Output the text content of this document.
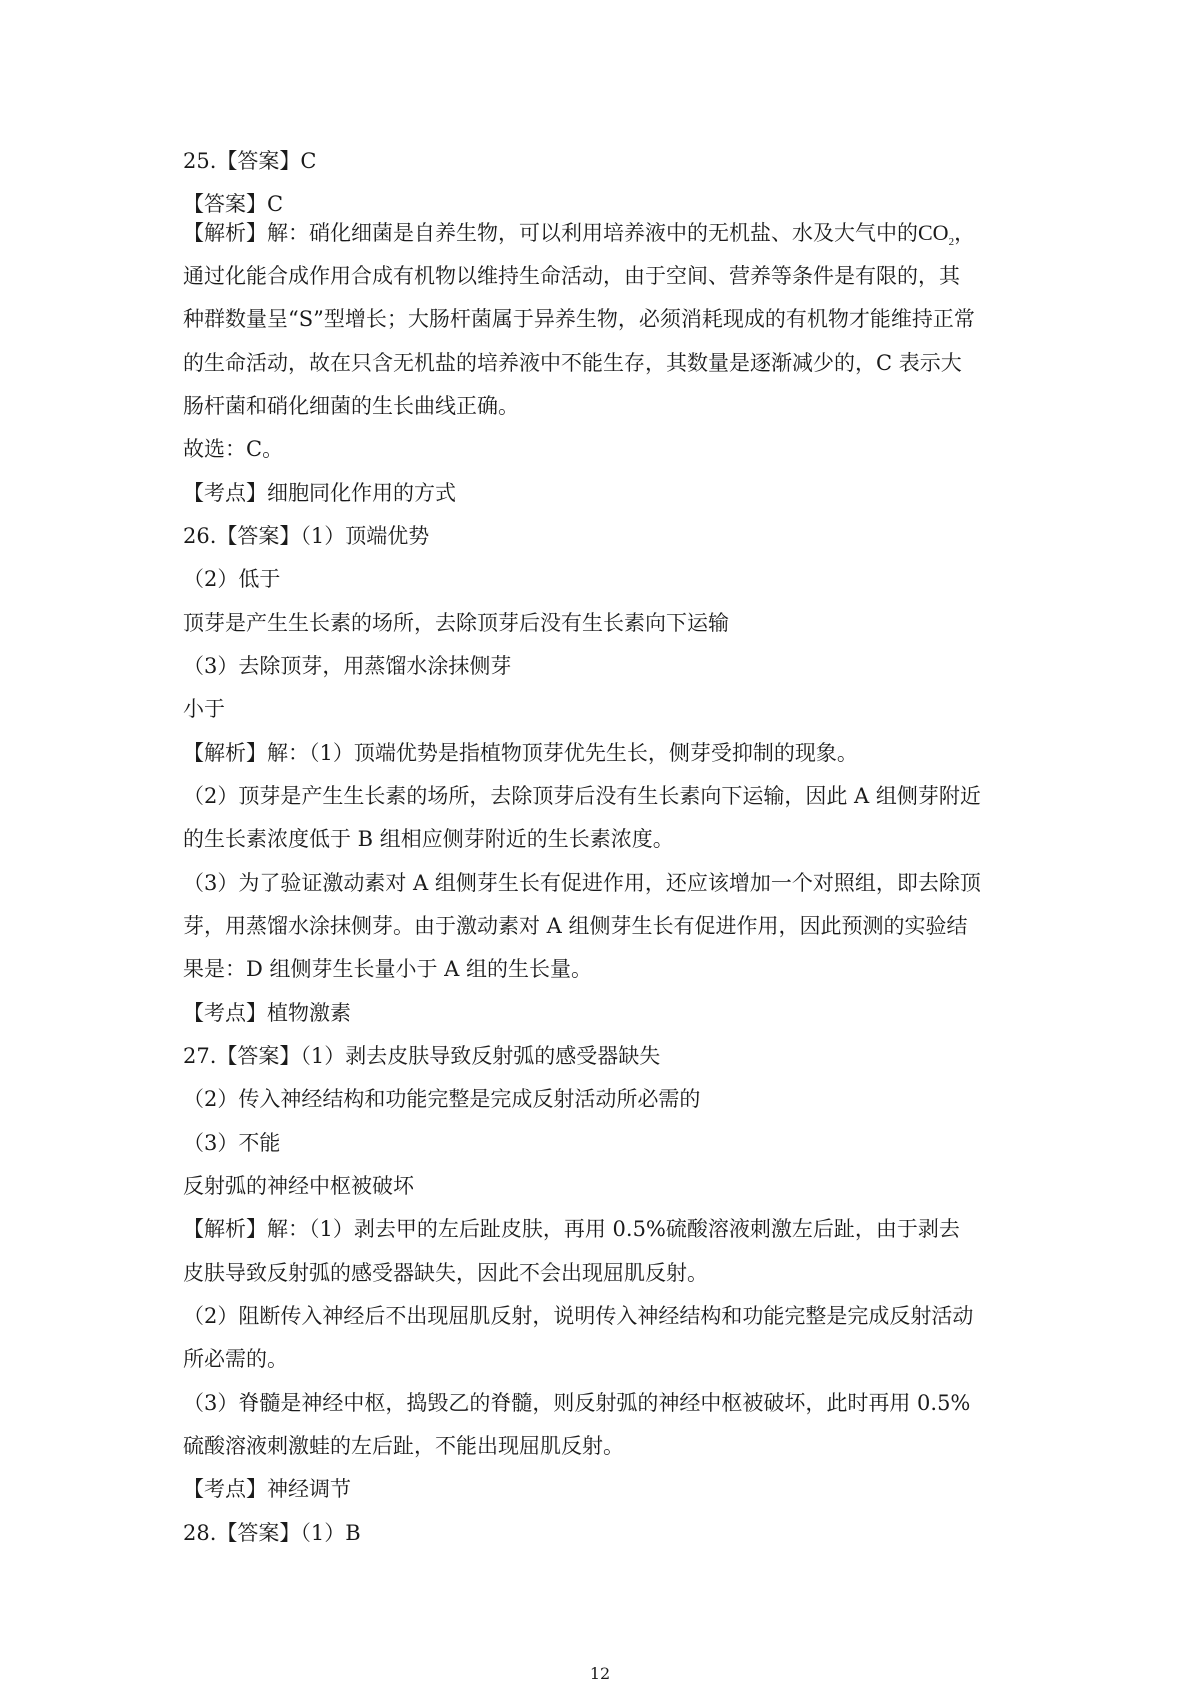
25.【答案】C
【答案】C
【解析】解：硝化细菌是自养生物，可以利用培养液中的无机盐、水及大气中的$CO_2$，
通过化能合成作用合成有机物以维持生命活动，由于空间、营养等条件是有限的，其
种群数量呈“S”型增长；大肠杆菌属于异养生物，必须消耗现成的有机物才能维持正常
的生命活动，故在只含无机盐的培养液中不能生存，其数量是逐渐减少的，C 表示大
肠杆菌和硝化细菌的生长曲线正确。
故选：C。
【考点】细胞同化作用的方式
26.【答案】（1）顶端优势
（2）低于
顶芽是产生生长素的场所，去除顶芽后没有生长素向下运输
（3）去除顶芽，用蒸馏水涂抹侧芽
小于
【解析】解：（1）顶端优势是指植物顶芽优先生长，侧芽受抑制的现象。
（2）顶芽是产生生长素的场所，去除顶芽后没有生长素向下运输，因此 A 组侧芽附近
的生长素浓度低于 B 组相应侧芽附近的生长素浓度。
（3）为了验证激动素对 A 组侧芽生长有促进作用，还应该增加一个对照组，即去除顶
芽，用蒸馏水涂抹侧芽。由于激动素对 A 组侧芽生长有促进作用，因此预测的实验结
果是：D 组侧芽生长量小于 A 组的生长量。
【考点】植物激素
27.【答案】（1）剥去皮肤导致反射弧的感受器缺失
（2）传入神经结构和功能完整是完成反射活动所必需的
（3）不能
反射弧的神经中枢被破坏
【解析】解：（1）剥去甲的左后趾皮肤，再用 0.5%硫酸溶液刺激左后趾，由于剥去
皮肤导致反射弧的感受器缺失，因此不会出现屈肌反射。
（2）阻断传入神经后不出现屈肌反射，说明传入神经结构和功能完整是完成反射活动
所必需的。
（3）脊髓是神经中枢，捣毁乙的脊髓，则反射弧的神经中枢被破坏，此时再用 0.5%
硫酸溶液刺激蛙的左后趾，不能出现屈肌反射。
【考点】神经调节
28.【答案】（1）B
12
